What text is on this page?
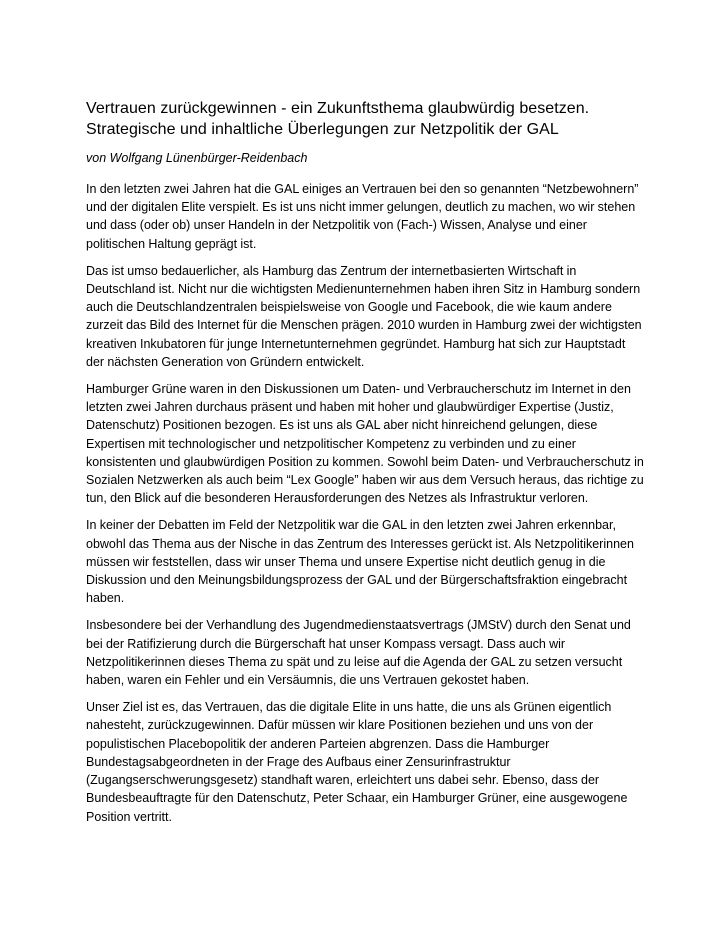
Vertrauen zurückgewinnen - ein Zukunftsthema glaubwürdig besetzen.
Strategische und inhaltliche Überlegungen zur Netzpolitik der GAL

von Wolfgang Lünenbürger-Reidenbach

In den letzten zwei Jahren hat die GAL einiges an Vertrauen bei den so genannten “Netzbewohnern” und der digitalen Elite verspielt. Es ist uns nicht immer gelungen, deutlich zu machen, wo wir stehen und dass (oder ob) unser Handeln in der Netzpolitik von (Fach-) Wissen, Analyse und einer politischen Haltung geprägt ist.

Das ist umso bedauerlicher, als Hamburg das Zentrum der internetbasierten Wirtschaft in Deutschland ist. Nicht nur die wichtigsten Medienunternehmen haben ihren Sitz in Hamburg sondern auch die Deutschlandzentralen beispielsweise von Google und Facebook, die wie kaum andere zurzeit das Bild des Internet für die Menschen prägen. 2010 wurden in Hamburg zwei der wichtigsten kreativen Inkubatoren für junge Internetunternehmen gegründet. Hamburg hat sich zur Hauptstadt der nächsten Generation von Gründern entwickelt.

Hamburger Grüne waren in den Diskussionen um Daten- und Verbraucherschutz im Internet in den letzten zwei Jahren durchaus präsent und haben mit hoher und glaubwürdiger Expertise (Justiz, Datenschutz) Positionen bezogen. Es ist uns als GAL aber nicht hinreichend gelungen, diese Expertisen mit technologischer und netzpolitischer Kompetenz zu verbinden und zu einer konsistenten und glaubwürdigen Position zu kommen. Sowohl beim Daten- und Verbraucherschutz in Sozialen Netzwerken als auch beim “Lex Google” haben wir aus dem Versuch heraus, das richtige zu tun, den Blick auf die besonderen Herausforderungen des Netzes als Infrastruktur verloren.

In keiner der Debatten im Feld der Netzpolitik war die GAL in den letzten zwei Jahren erkennbar, obwohl das Thema aus der Nische in das Zentrum des Interesses gerückt ist. Als Netzpolitikerinnen müssen wir feststellen, dass wir unser Thema und unsere Expertise nicht deutlich genug in die Diskussion und den Meinungsbildungsprozess der GAL und der Bürgerschaftsfraktion eingebracht haben.

Insbesondere bei der Verhandlung des Jugendmedienstaatsvertrags (JMStV) durch den Senat und bei der Ratifizierung durch die Bürgerschaft hat unser Kompass versagt. Dass auch wir Netzpolitikerinnen dieses Thema zu spät und zu leise auf die Agenda der GAL zu setzen versucht haben, waren ein Fehler und ein Versäumnis, die uns Vertrauen gekostet haben.

Unser Ziel ist es, das Vertrauen, das die digitale Elite in uns hatte, die uns als Grünen eigentlich nahesteht, zurückzugewinnen. Dafür müssen wir klare Positionen beziehen und uns von der populistischen Placebopolitik der anderen Parteien abgrenzen. Dass die Hamburger Bundestagsabgeordneten in der Frage des Aufbaus einer Zensurinfrastruktur (Zugangserschwerungsgesetz) standhaft waren, erleichtert uns dabei sehr. Ebenso, dass der Bundesbeauftragte für den Datenschutz, Peter Schaar, ein Hamburger Grüner, eine ausgewogene Position vertritt.
